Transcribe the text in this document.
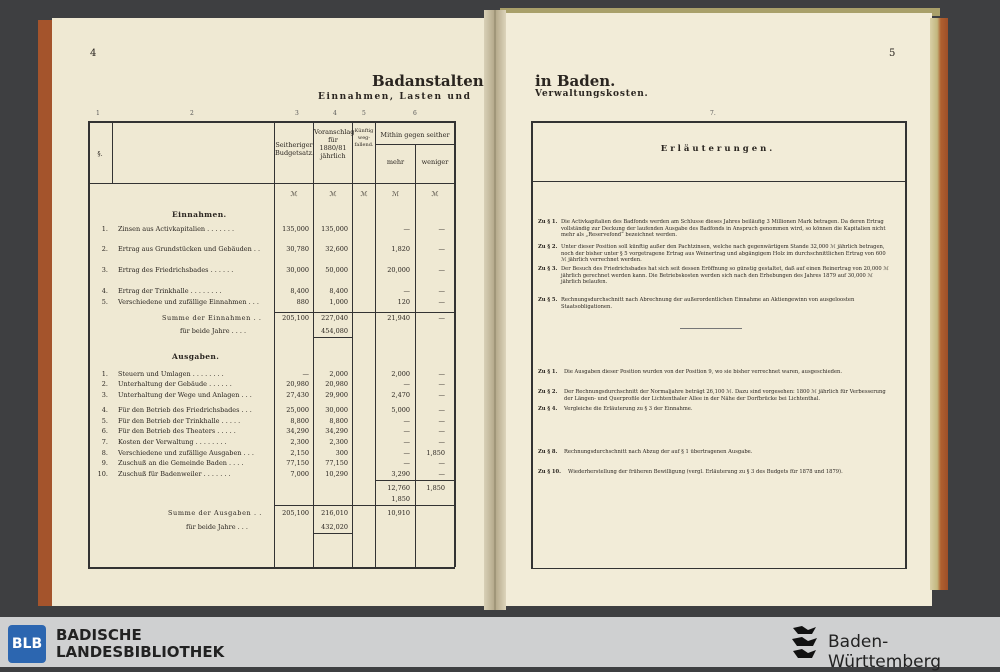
4
Badanstalten
Einnahmen, Lasten und
1	2	3	4	5	6
§.
Seitheriger Budgetsatz.
Voranschlag für 1880/81 jährlich
Künftig weg-fallend.
Mithin gegen seither
mehr	weniger
ℳ	ℳ	ℳ	ℳ	ℳ
Einnahmen.
1. Zinsen aus Activkapitalien . . . . . . .	135,000	135,000	—	—
2. Ertrag aus Grundstücken und Gebäuden . .	30,780	32,600	1,820	—
3. Ertrag des Friedrichsbades . . . . . .	30,000	50,000	20,000	—
4. Ertrag der Trinkhalle . . . . . . . .	8,400	8,400	—	—
5. Verschiedene und zufällige Einnahmen . . .	880	1,000	120	—
Summe der Einnahmen . .	205,100	227,040	21,940	—
für beide Jahre . . . .	454,080
Ausgaben.
1. Steuern und Umlagen . . . . . . . .	—	2,000	2,000	—
2. Unterhaltung der Gebäude . . . . . .	20,980	20,980	—	—
3. Unterhaltung der Wege und Anlagen . . .	27,430	29,900	2,470	—
4. Für den Betrieb des Friedrichsbades . . .	25,000	30,000	5,000	—
5. Für den Betrieb der Trinkhalle . . . . .	8,800	8,800	—	—
6. Für den Betrieb des Theaters . . . . .	34,290	34,290	—	—
7. Kosten der Verwaltung . . . . . . . .	2,300	2,300	—	—
8. Verschiedene und zufällige Ausgaben . . .	2,150	300	—	1,850
9. Zuschuß an die Gemeinde Baden . . . .	77,150	77,150	—	—
10. Zuschuß für Badenweiler . . . . . . .	7,000	10,290	3,290	—
12,760	1,850
1,850
Summe der Ausgaben . .	205,100	216,010	10,910
für beide Jahre . . .	432,020
5
in Baden.
Verwaltungskosten.
7.
Erläuterungen.
Zu § 1. Die Activkapitalien des Badfonds werden am Schlusse dieses Jahres beiläufig 3 Millionen Mark betragen. Da deren Ertrag vollständig zur Deckung der laufenden Ausgabe des Badfonds in Anspruch genommen wird, so können die Kapitalien nicht mehr als „Reservefond“ bezeichnet werden.
Zu § 2. Unter dieser Position soll künftig außer den Pachtzinsen, welche nach gegenwärtigem Stande 32,000 ℳ jährlich betragen, noch der bisher unter § 5 vorgetragene Ertrag aus Weinertrag und abgängigem Holz im durchschnittlichen Ertrag von 600 ℳ jährlich verrechnet werden.
Zu § 3. Der Besuch des Friedrichsbades hat sich seit dessen Eröffnung so günstig gestaltet, daß auf einen Reinertrag von 20,000 ℳ jährlich gerechnet werden kann. Die Betriebskosten werden sich nach den Erhebungen des Jahres 1879 auf 30,000 ℳ jährlich belaufen.
Zu § 5. Rechnungsdurchschnitt nach Abrechnung der außerordentlichen Einnahme an Aktiengewinn von ausgeloosten Staatsobligationen.
Zu § 1. Die Ausgaben dieser Position wurden von der Position 9, wo sie bisher verrechnet waren, ausgeschieden.
Zu § 2. Der Rechnungsdurchschnitt der Normaljahre beträgt 26,100 ℳ. Dazu sind vorgesehen: 1800 ℳ jährlich für Verbesserung der Längen- und Querprofile der Lichtenthaler Allee in der Nähe der Dorfbrücke bei Lichtenthal.
Zu § 4. Vergleiche die Erläuterung zu § 3 der Einnahme.
Zu § 8. Rechnungsdurchschnitt nach Abzug der auf § 1 übertragenen Ausgabe.
Zu § 10. Wiederherstellung der früheren Bewilligung (vergl. Erläuterung zu § 3 des Budgets für 1878 und 1879).
BLB BADISCHE
LANDESBIBLIOTHEK	Baden-Württemberg
